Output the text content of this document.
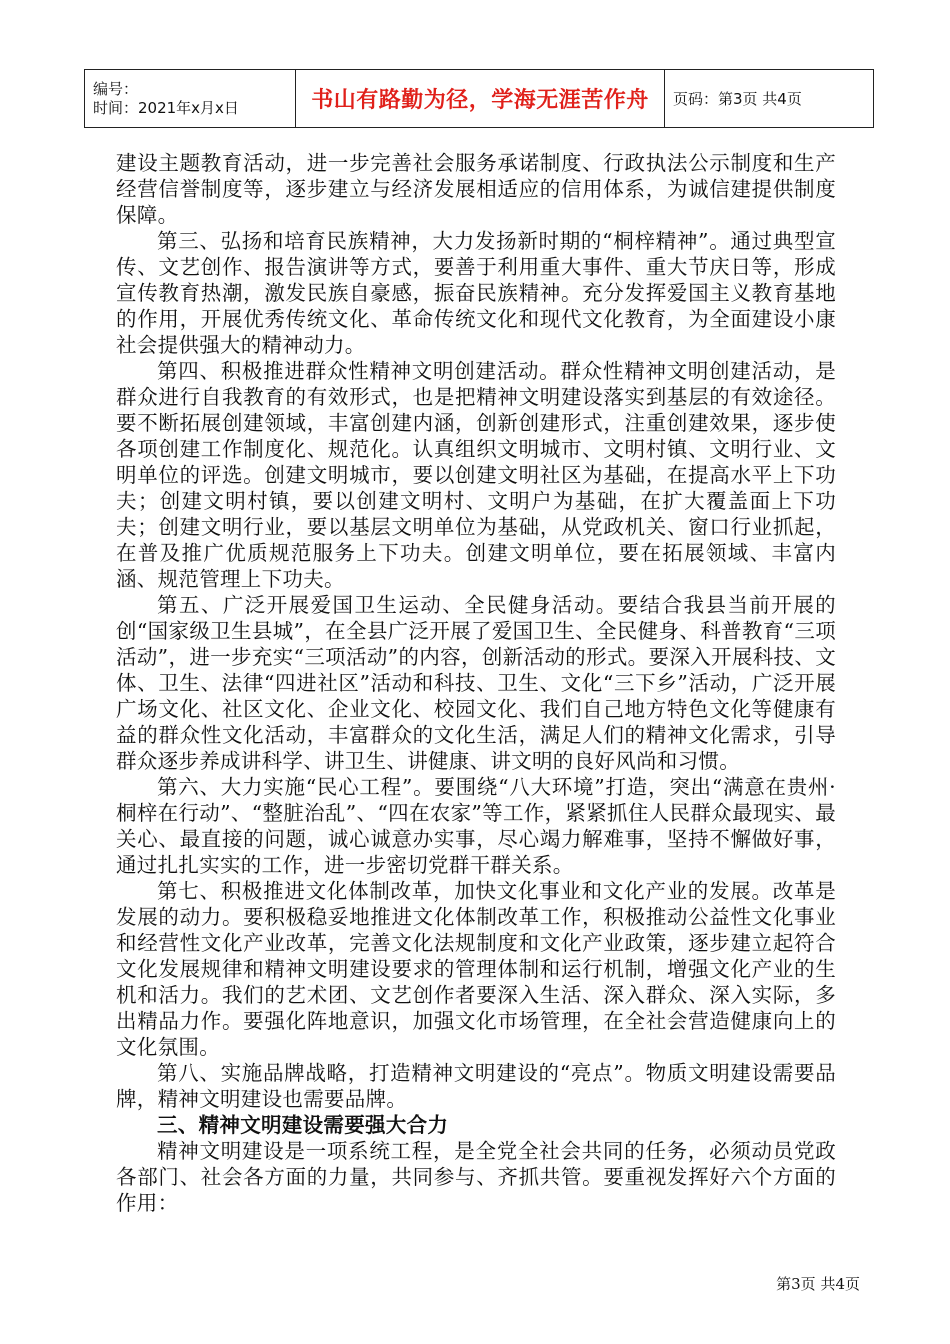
编号：
时间：2021年x月x日	书山有路勤为径，学海无涯苦作舟	页码：第3页 共4页

建设主题教育活动，进一步完善社会服务承诺制度、行政执法公示制度和生产经营信誉制度等，逐步建立与经济发展相适应的信用体系，为诚信建提供制度保障。

第三、弘扬和培育民族精神，大力发扬新时期的“桐梓精神”。通过典型宣传、文艺创作、报告演讲等方式，要善于利用重大事件、重大节庆日等，形成宣传教育热潮，激发民族自豪感，振奋民族精神。充分发挥爱国主义教育基地的作用，开展优秀传统文化、革命传统文化和现代文化教育，为全面建设小康社会提供强大的精神动力。

第四、积极推进群众性精神文明创建活动。群众性精神文明创建活动，是群众进行自我教育的有效形式，也是把精神文明建设落实到基层的有效途径。要不断拓展创建领域，丰富创建内涵，创新创建形式，注重创建效果，逐步使各项创建工作制度化、规范化。认真组织文明城市、文明村镇、文明行业、文明单位的评选。创建文明城市，要以创建文明社区为基础，在提高水平上下功夫；创建文明村镇，要以创建文明村、文明户为基础，在扩大覆盖面上下功夫；创建文明行业，要以基层文明单位为基础，从党政机关、窗口行业抓起，在普及推广优质规范服务上下功夫。创建文明单位，要在拓展领域、丰富内涵、规范管理上下功夫。

第五、广泛开展爱国卫生运动、全民健身活动。要结合我县当前开展的创“国家级卫生县城”，在全县广泛开展了爱国卫生、全民健身、科普教育“三项活动”，进一步充实“三项活动”的内容，创新活动的形式。要深入开展科技、文体、卫生、法律“四进社区”活动和科技、卫生、文化“三下乡”活动，广泛开展广场文化、社区文化、企业文化、校园文化、我们自己地方特色文化等健康有益的群众性文化活动，丰富群众的文化生活，满足人们的精神文化需求，引导群众逐步养成讲科学、讲卫生、讲健康、讲文明的良好风尚和习惯。

第六、大力实施“民心工程”。要围绕“八大环境”打造，突出“满意在贵州·桐梓在行动”、“整脏治乱”、“四在农家”等工作，紧紧抓住人民群众最现实、最关心、最直接的问题，诚心诚意办实事，尽心竭力解难事，坚持不懈做好事，通过扎扎实实的工作，进一步密切党群干群关系。

第七、积极推进文化体制改革，加快文化事业和文化产业的发展。改革是发展的动力。要积极稳妥地推进文化体制改革工作，积极推动公益性文化事业和经营性文化产业改革，完善文化法规制度和文化产业政策，逐步建立起符合文化发展规律和精神文明建设要求的管理体制和运行机制，增强文化产业的生机和活力。我们的艺术团、文艺创作者要深入生活、深入群众、深入实际，多出精品力作。要强化阵地意识，加强文化市场管理，在全社会营造健康向上的文化氛围。

第八、实施品牌战略，打造精神文明建设的“亮点”。物质文明建设需要品牌，精神文明建设也需要品牌。

三、精神文明建设需要强大合力

精神文明建设是一项系统工程，是全党全社会共同的任务，必须动员党政各部门、社会各方面的力量，共同参与、齐抓共管。要重视发挥好六个方面的作用：

第3页 共4页
